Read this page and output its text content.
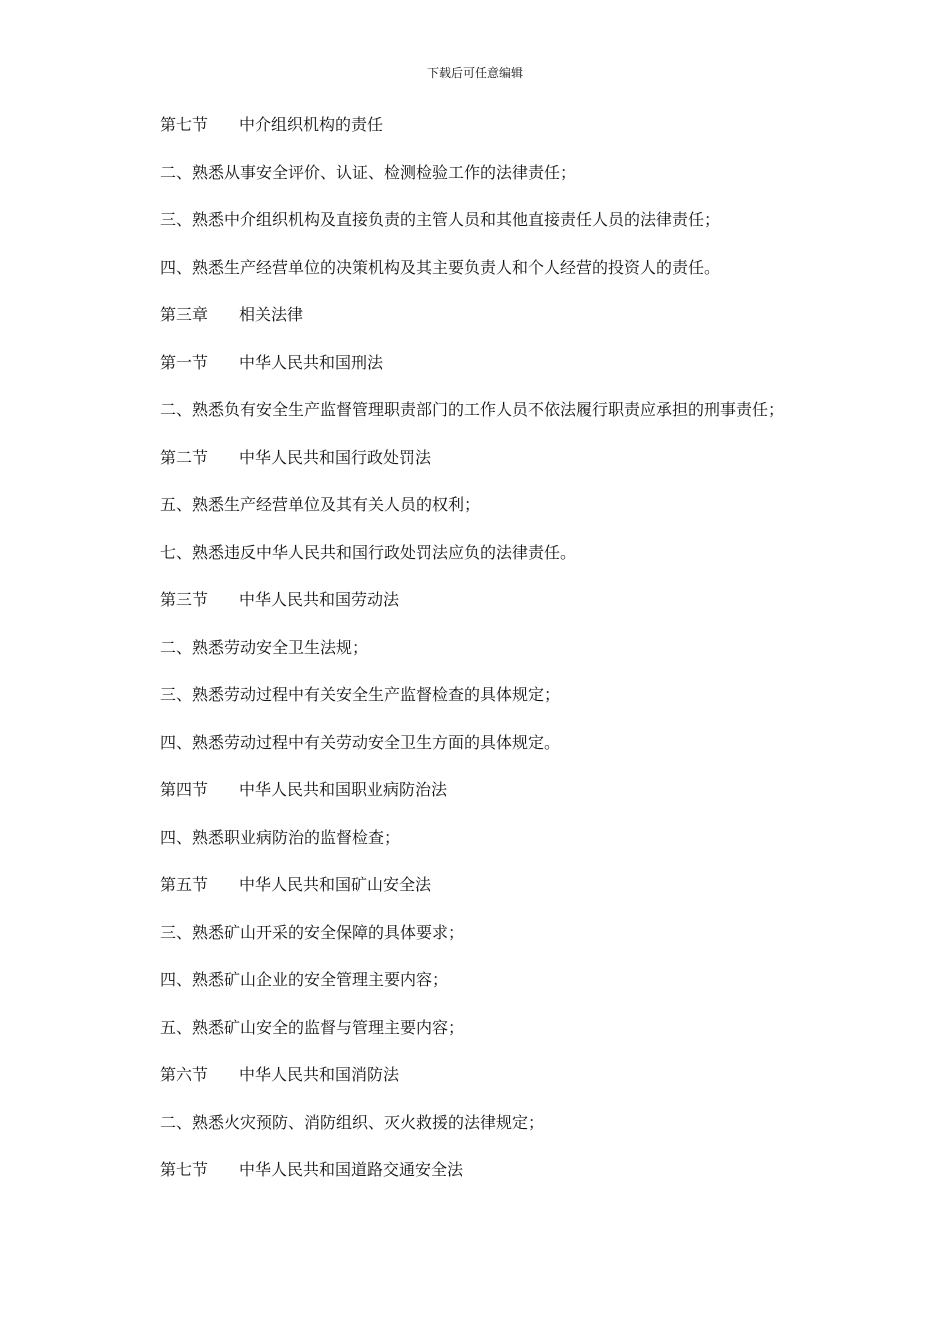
下载后可任意编辑

第七节 中介组织机构的责任

二、熟悉从事安全评价、认证、检测检验工作的法律责任；

三、熟悉中介组织机构及直接负责的主管人员和其他直接责任人员的法律责任；

四、熟悉生产经营单位的决策机构及其主要负责人和个人经营的投资人的责任。

第三章 相关法律

第一节 中华人民共和国刑法

二、熟悉负有安全生产监督管理职责部门的工作人员不依法履行职责应承担的刑事责任；

第二节 中华人民共和国行政处罚法

五、熟悉生产经营单位及其有关人员的权利；

七、熟悉违反中华人民共和国行政处罚法应负的法律责任。

第三节 中华人民共和国劳动法

二、熟悉劳动安全卫生法规；

三、熟悉劳动过程中有关安全生产监督检查的具体规定；

四、熟悉劳动过程中有关劳动安全卫生方面的具体规定。

第四节 中华人民共和国职业病防治法

四、熟悉职业病防治的监督检查；

第五节 中华人民共和国矿山安全法

三、熟悉矿山开采的安全保障的具体要求；

四、熟悉矿山企业的安全管理主要内容；

五、熟悉矿山安全的监督与管理主要内容；

第六节 中华人民共和国消防法

二、熟悉火灾预防、消防组织、灭火救援的法律规定；

第七节 中华人民共和国道路交通安全法
